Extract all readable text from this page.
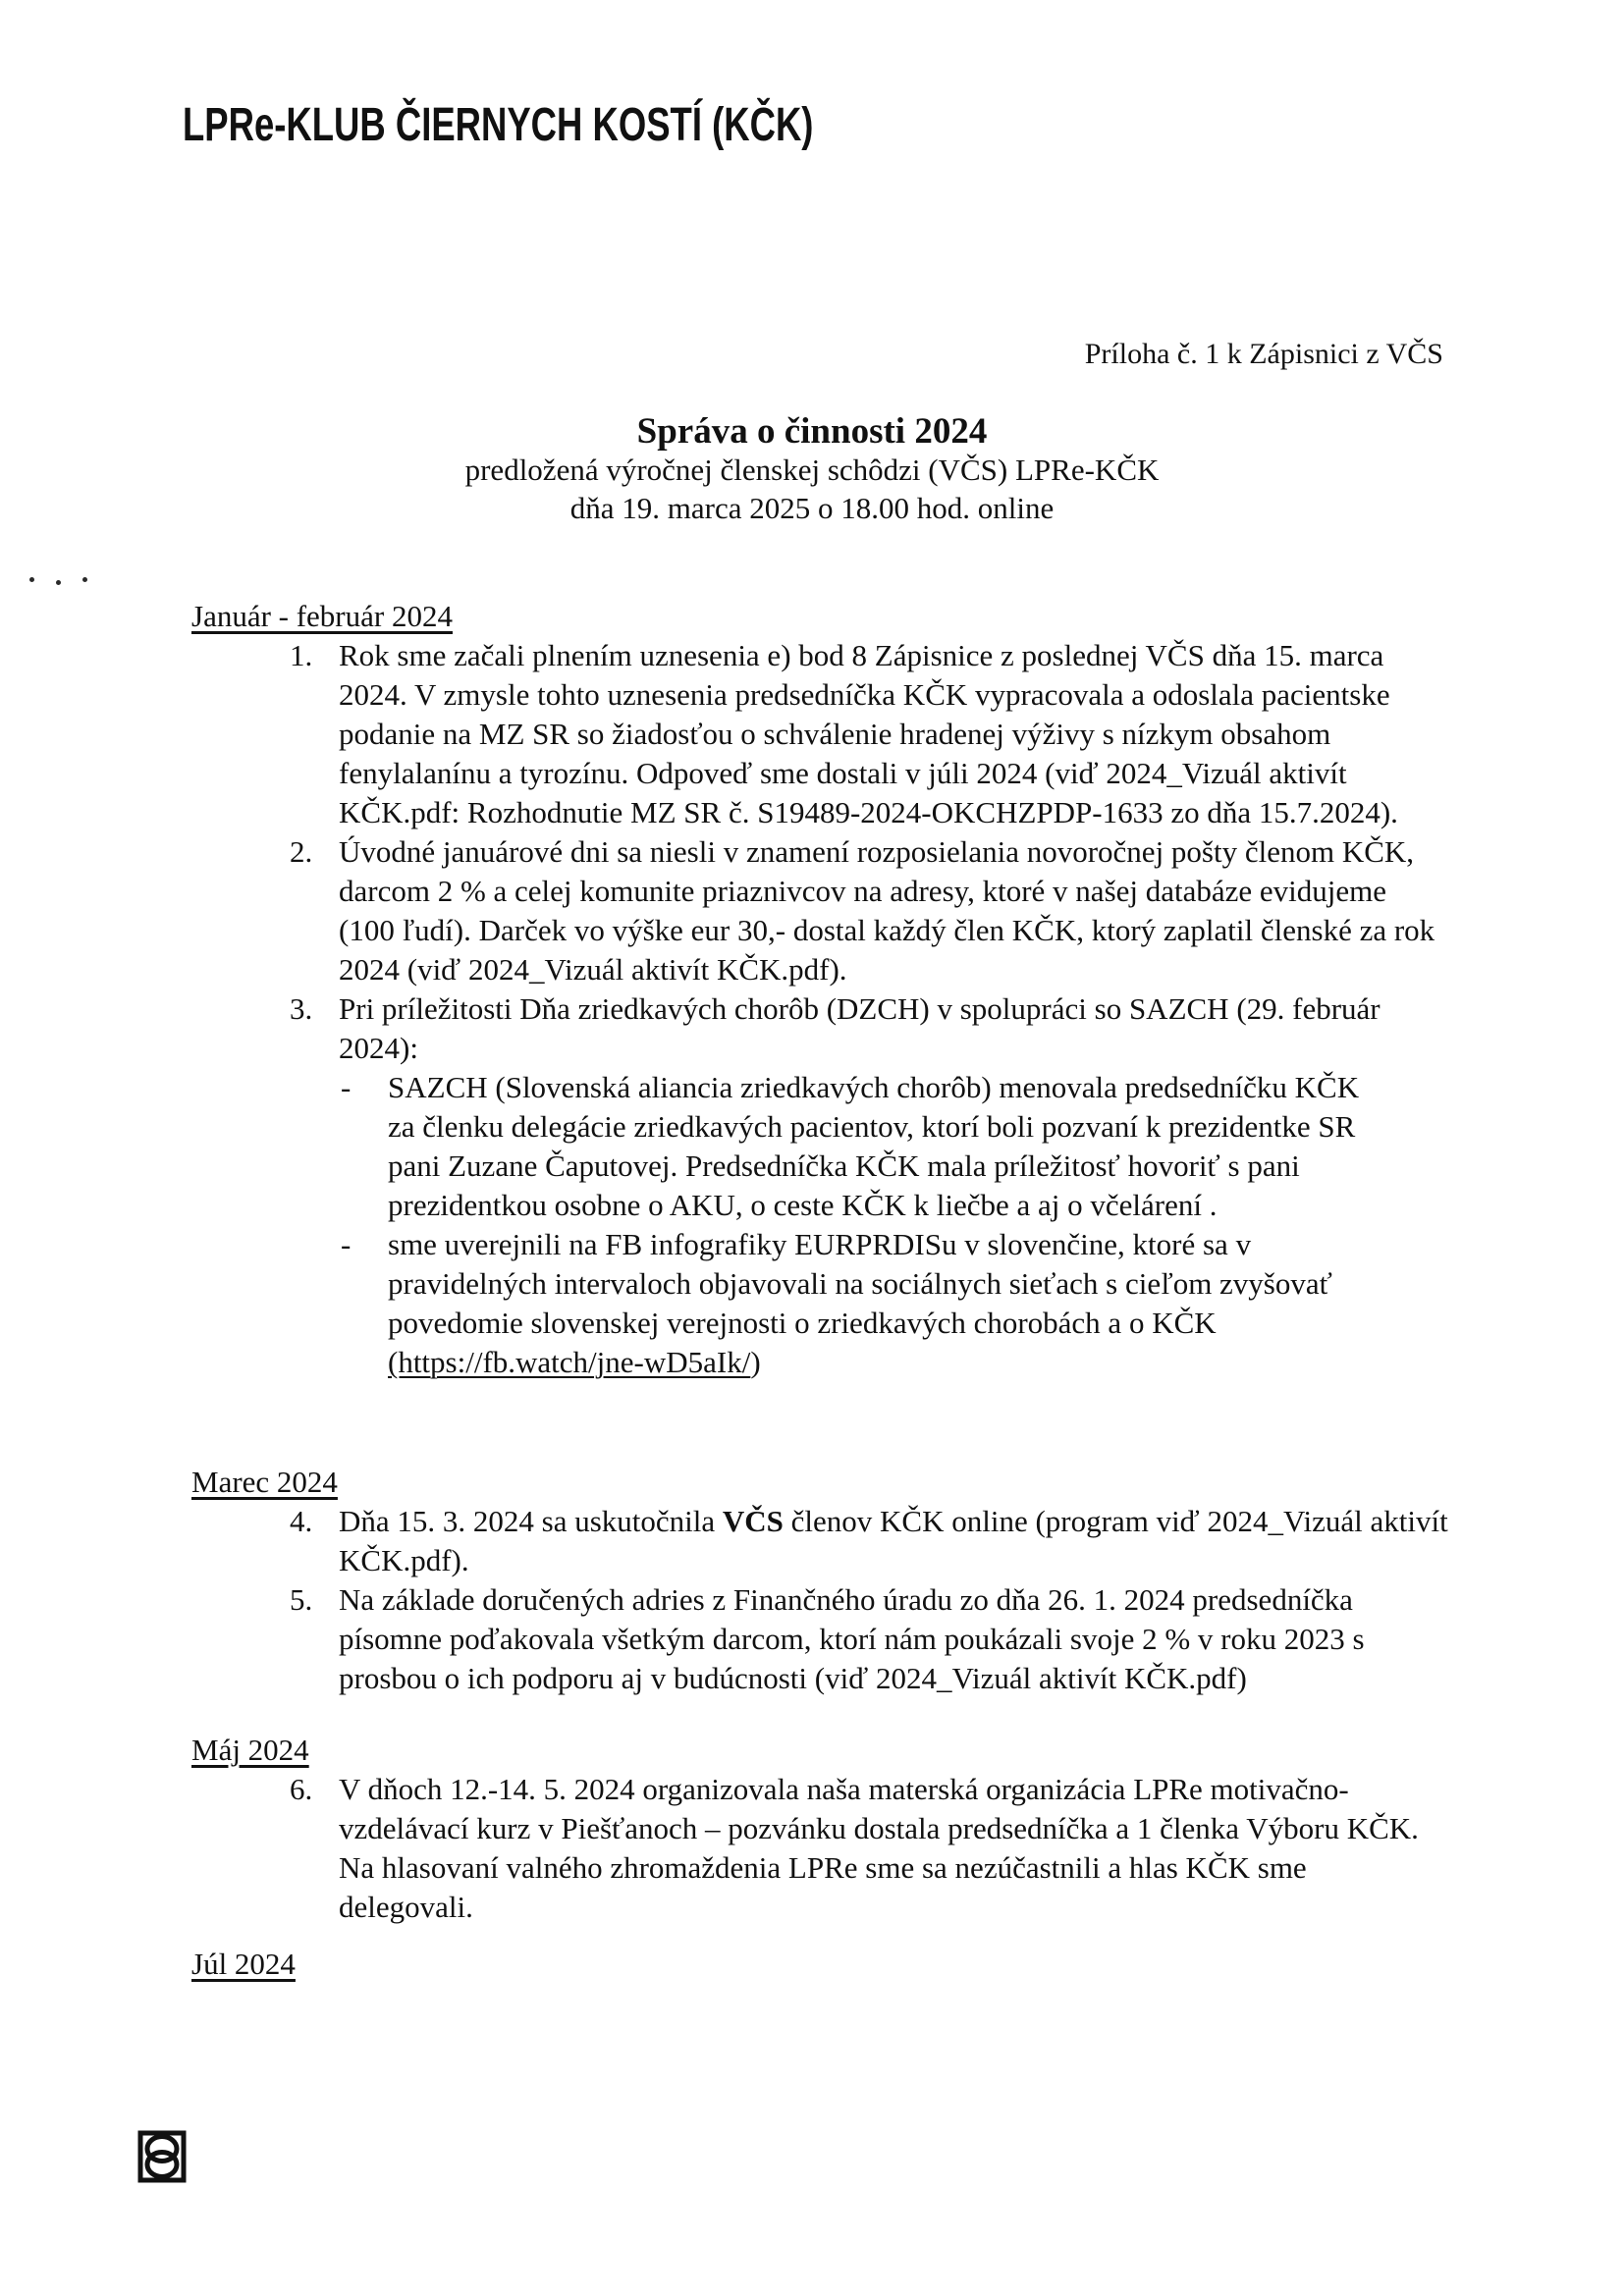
LPRe-KLUB ČIERNYCH KOSTÍ (KČK)
Príloha č. 1 k Zápisnici z VČS
Správa o činnosti 2024
predložená výročnej členskej schôdzi (VČS) LPRe-KČK
dňa 19. marca 2025 o 18.00 hod. online
Január - február 2024
1. Rok sme začali plnením uznesenia e) bod 8 Zápisnice z poslednej VČS dňa 15. marca 2024. V zmysle tohto uznesenia predsedníčka KČK vypracovala a odoslala pacientske podanie na MZ SR so žiadosťou o schválenie hradenej výživy s nízkym obsahom fenylalanínu a tyrozínu. Odpoveď sme dostali v júli 2024 (viď 2024_Vizuál aktivít KČK.pdf: Rozhodnutie MZ SR č. S19489-2024-OKCHZPDP-1633 zo dňa 15.7.2024).
2. Úvodné januárové dni sa niesli v znamení rozposielania novoročnej pošty členom KČK, darcom 2 % a celej komunite priaznivcov na adresy, ktoré v našej databáze evidujeme (100 ľudí). Darček vo výške eur 30,- dostal každý člen KČK, ktorý zaplatil členské za rok 2024 (viď 2024_Vizuál aktivít KČK.pdf).
3. Pri príležitosti Dňa zriedkavých chorôb (DZCH) v spolupráci so SAZCH (29. február 2024):
- SAZCH (Slovenská aliancia zriedkavých chorôb) menovala predsedníčku KČK za členku delegácie zriedkavých pacientov, ktorí boli pozvaní k prezidentke SR pani Zuzane Čaputovej. Predsedníčka KČK mala príležitosť hovoriť s pani prezidentkou osobne o AKU, o ceste KČK k liečbe a aj o včelárení .
- sme uverejnili na FB infografiky EURPRDISu v slovenčine, ktoré sa v pravidelných intervaloch objavovali na sociálnych sieťach s cieľom zvyšovať povedomie slovenskej verejnosti o zriedkavých chorobách a o KČK (https://fb.watch/jne-wD5aIk/)
Marec 2024
4. Dňa 15. 3. 2024 sa uskutočnila VČS členov KČK online (program viď 2024_Vizuál aktivít KČK.pdf).
5. Na základe doručených adries z Finančného úradu zo dňa 26. 1. 2024 predsedníčka písomne poďakovala všetkým darcom, ktorí nám poukázali svoje 2 % v roku 2023 s prosbou o ich podporu aj v budúcnosti (viď 2024_Vizuál aktivít KČK.pdf)
Máj 2024
6. V dňoch 12.-14. 5. 2024 organizovala naša materská organizácia LPRe motivačno-vzdelávací kurz v Piešťanoch – pozvánku dostala predsedníčka a 1 členka Výboru KČK. Na hlasovaní valného zhromaždenia LPRe sme sa nezúčastnili a hlas KČK sme delegovali.
Júl 2024
